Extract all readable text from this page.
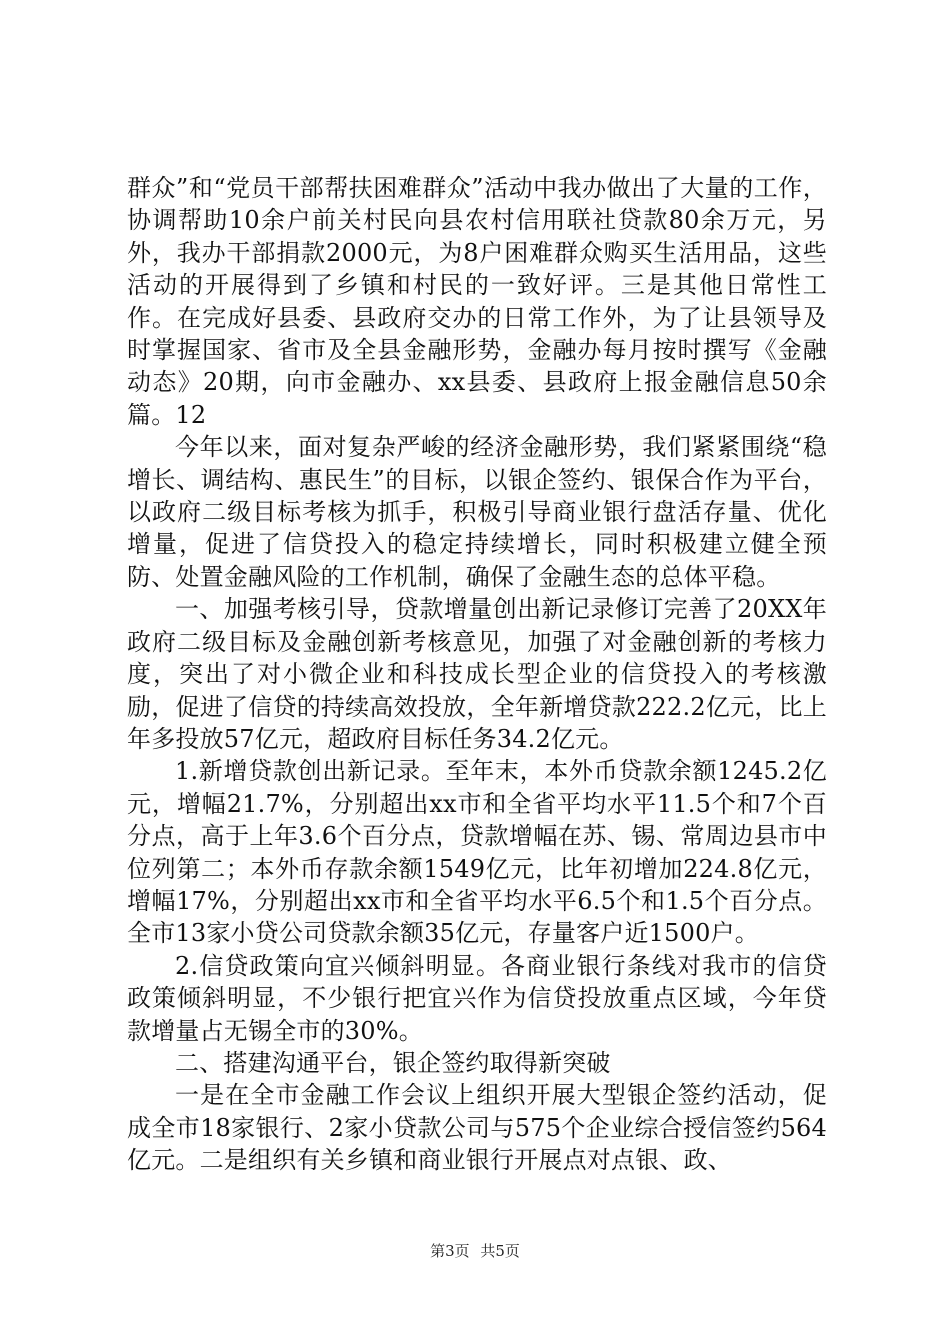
群众”和“党员干部帮扶困难群众”活动中我办做出了大量的工作，协调帮助10余户前关村民向县农村信用联社贷款80余万元，另外，我办干部捐款2000元，为8户困难群众购买生活用品，这些活动的开展得到了乡镇和村民的一致好评。三是其他日常性工作。在完成好县委、县政府交办的日常工作外，为了让县领导及时掌握国家、省市及全县金融形势，金融办每月按时撰写《金融动态》20期，向市金融办、xx县委、县政府上报金融信息50余篇。12

今年以来，面对复杂严峻的经济金融形势，我们紧紧围绕“稳增长、调结构、惠民生”的目标，以银企签约、银保合作为平台，以政府二级目标考核为抓手，积极引导商业银行盘活存量、优化增量，促进了信贷投入的稳定持续增长，同时积极建立健全预防、处置金融风险的工作机制，确保了金融生态的总体平稳。

一、加强考核引导，贷款增量创出新记录修订完善了20XX年政府二级目标及金融创新考核意见，加强了对金融创新的考核力度，突出了对小微企业和科技成长型企业的信贷投入的考核激励，促进了信贷的持续高效投放，全年新增贷款222.2亿元，比上年多投放57亿元，超政府目标任务34.2亿元。

1.新增贷款创出新记录。至年末，本外币贷款余额1245.2亿元，增幅21.7%，分别超出xx市和全省平均水平11.5个和7个百分点，高于上年3.6个百分点，贷款增幅在苏、锡、常周边县市中位列第二；本外币存款余额1549亿元，比年初增加224.8亿元，增幅17%，分别超出xx市和全省平均水平6.5个和1.5个百分点。全市13家小贷公司贷款余额35亿元，存量客户近1500户。

2.信贷政策向宜兴倾斜明显。各商业银行条线对我市的信贷政策倾斜明显，不少银行把宜兴作为信贷投放重点区域，今年贷款增量占无锡全市的30%。

二、搭建沟通平台，银企签约取得新突破

一是在全市金融工作会议上组织开展大型银企签约活动，促成全市18家银行、2家小贷款公司与575个企业综合授信签约564亿元。二是组织有关乡镇和商业银行开展点对点银、政、

第3页 共5页
